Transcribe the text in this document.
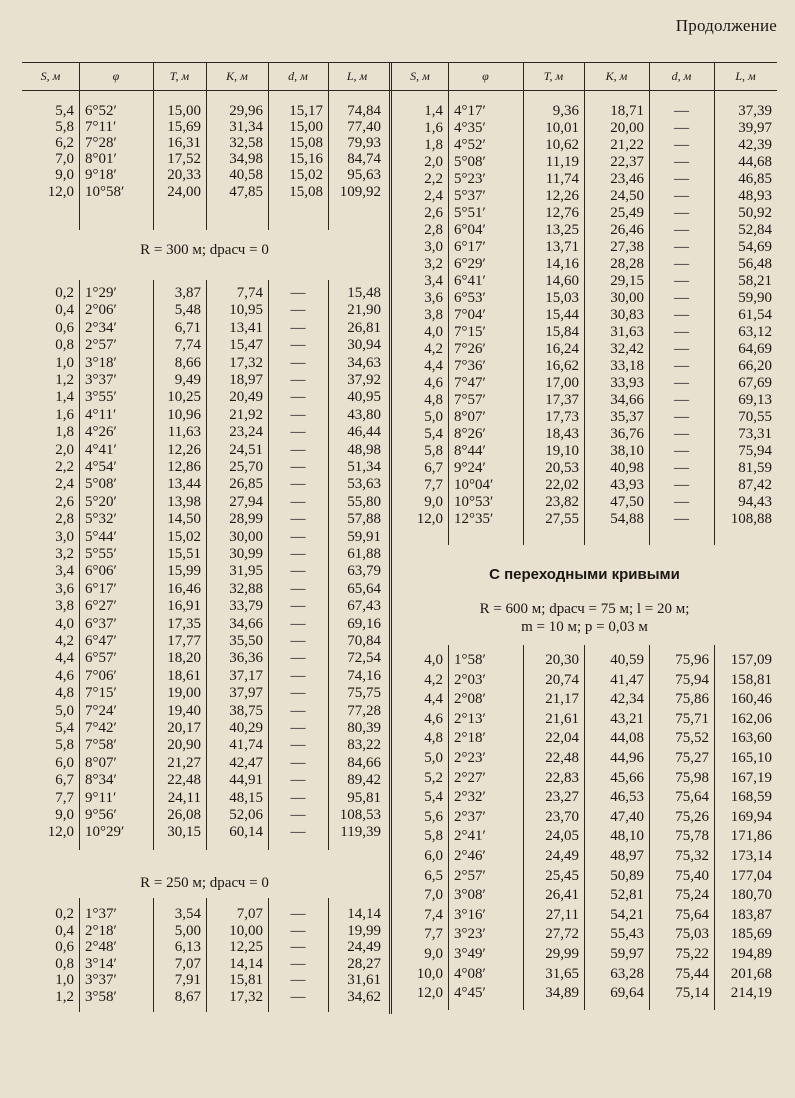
Продолжение
S, м	φ	T, м	K, м	d, м	L, м	S, м	φ	T, м	K, м	d, м	L, м
5,4 6°52′	15,00	29,96	15,17	74,84
5,8 7°11′	15,69	31,34	15,00	77,40
6,2 7°28′	16,31	32,58	15,08	79,93
7,0 8°01′	17,52	34,98	15,16	84,74
9,0 9°18′	20,33	40,58	15,02	95,63
12,0 10°58′	24,00	47,85	15,08	109,92
0,2 1°29′	3,87	7,74	—	15,48
0,4 2°06′	5,48	10,95	—	21,90
0,6 2°34′	6,71	13,41	—	26,81
0,8 2°57′	7,74	15,47	—	30,94
1,0 3°18′	8,66	17,32	—	34,63
1,2 3°37′	9,49	18,97	—	37,92
1,4 3°55′	10,25	20,49	—	40,95
1,6 4°11′	10,96	21,92	—	43,80
1,8 4°26′	11,63	23,24	—	46,44
2,0 4°41′	12,26	24,51	—	48,98
2,2 4°54′	12,86	25,70	—	51,34
2,4 5°08′	13,44	26,85	—	53,63
2,6 5°20′	13,98	27,94	—	55,80
2,8 5°32′	14,50	28,99	—	57,88
3,0 5°44′	15,02	30,00	—	59,91
3,2 5°55′	15,51	30,99	—	61,88
3,4 6°06′	15,99	31,95	—	63,79
3,6 6°17′	16,46	32,88	—	65,64
3,8 6°27′	16,91	33,79	—	67,43
4,0 6°37′	17,35	34,66	—	69,16
4,2 6°47′	17,77	35,50	—	70,84
4,4 6°57′	18,20	36,36	—	72,54
4,6 7°06′	18,61	37,17	—	74,16
4,8 7°15′	19,00	37,97	—	75,75
5,0 7°24′	19,40	38,75	—	77,28
5,4 7°42′	20,17	40,29	—	80,39
5,8 7°58′	20,90	41,74	—	83,22
6,0 8°07′	21,27	42,47	—	84,66
6,7 8°34′	22,48	44,91	—	89,42
7,7 9°11′	24,11	48,15	—	95,81
9,0 9°56′	26,08	52,06	—	108,53
12,0 10°29′	30,15	60,14	—	119,39
0,2 1°37′	3,54	7,07	—	14,14
0,4 2°18′	5,00	10,00	—	19,99
0,6 2°48′	6,13	12,25	—	24,49
0,8 3°14′	7,07	14,14	—	28,27
1,0 3°37′	7,91	15,81	—	31,61
1,2 3°58′	8,67	17,32	—	34,62
1,4 4°17′	9,36	18,71	—	37,39
1,6 4°35′	10,01	20,00	—	39,97
1,8 4°52′	10,62	21,22	—	42,39
2,0 5°08′	11,19	22,37	—	44,68
2,2 5°23′	11,74	23,46	—	46,85
2,4 5°37′	12,26	24,50	—	48,93
2,6 5°51′	12,76	25,49	—	50,92
2,8 6°04′	13,25	26,46	—	52,84
3,0 6°17′	13,71	27,38	—	54,69
3,2 6°29′	14,16	28,28	—	56,48
3,4 6°41′	14,60	29,15	—	58,21
3,6 6°53′	15,03	30,00	—	59,90
3,8 7°04′	15,44	30,83	—	61,54
4,0 7°15′	15,84	31,63	—	63,12
4,2 7°26′	16,24	32,42	—	64,69
4,4 7°36′	16,62	33,18	—	66,20
4,6 7°47′	17,00	33,93	—	67,69
4,8 7°57′	17,37	34,66	—	69,13
5,0 8°07′	17,73	35,37	—	70,55
5,4 8°26′	18,43	36,76	—	73,31
5,8 8°44′	19,10	38,10	—	75,94
6,7 9°24′	20,53	40,98	—	81,59
7,7 10°04′	22,02	43,93	—	87,42
9,0 10°53′	23,82	47,50	—	94,43
12,0 12°35′	27,55	54,88	—	108,88
4,0 1°58′	20,30	40,59	75,96	157,09
4,2 2°03′	20,74	41,47	75,94	158,81
4,4 2°08′	21,17	42,34	75,86	160,46
4,6 2°13′	21,61	43,21	75,71	162,06
4,8 2°18′	22,04	44,08	75,52	163,60
5,0 2°23′	22,48	44,96	75,27	165,10
5,2 2°27′	22,83	45,66	75,98	167,19
5,4 2°32′	23,27	46,53	75,64	168,59
5,6 2°37′	23,70	47,40	75,26	169,94
5,8 2°41′	24,05	48,10	75,78	171,86
6,0 2°46′	24,49	48,97	75,32	173,14
6,5 2°57′	25,45	50,89	75,40	177,04
7,0 3°08′	26,41	52,81	75,24	180,70
7,4 3°16′	27,11	54,21	75,64	183,87
7,7 3°23′	27,72	55,43	75,03	185,69
9,0 3°49′	29,99	59,97	75,22	194,89
10,0 4°08′	31,65	63,28	75,44	201,68
12,0 4°45′	34,89	69,64	75,14	214,19
R = 300 м; dрасч = 0
R = 250 м; dрасч = 0
С переходными кривыми
R = 600 м; dрасч = 75 м; l = 20 м;
m = 10 м; p = 0,03 м
